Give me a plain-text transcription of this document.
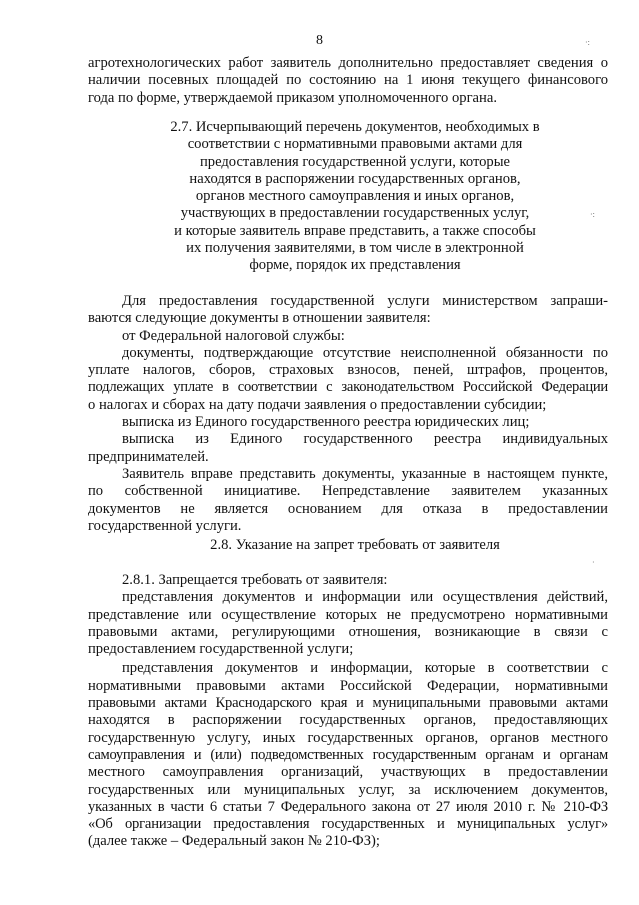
8	·:
·:
·
агротехнологических работ заявитель дополнительно предоставляет сведения о
наличии посевных площадей по состоянию на 1 июня текущего финансового
года по форме, утверждаемой приказом уполномоченного органа.
2.7. Исчерпывающий перечень документов, необходимых в
соответствии с нормативными правовыми актами для
предоставления государственной услуги, которые
находятся в распоряжении государственных органов,
органов местного самоуправления и иных органов,
участвующих в предоставлении государственных услуг,
и которые заявитель вправе представить, а также способы
их получения заявителями, в том числе в электронной
форме, порядок их представления
Для предоставления государственной услуги министерством запраши-
ваются следующие документы в отношении заявителя:
от Федеральной налоговой службы:
документы, подтверждающие отсутствие неисполненной обязанности по
уплате налогов, сборов, страховых взносов, пеней, штрафов, процентов,
подлежащих уплате в соответствии с законодательством Российской Федерации
о налогах и сборах на дату подачи заявления о предоставлении субсидии;
выписка из Единого государственного реестра юридических лиц;
выписка из Единого государственного реестра индивидуальных
предпринимателей.
Заявитель вправе представить документы, указанные в настоящем пункте,
по собственной инициативе. Непредставление заявителем указанных
документов не является основанием для отказа в предоставлении
государственной услуги.
2.8. Указание на запрет требовать от заявителя
2.8.1. Запрещается требовать от заявителя:
представления документов и информации или осуществления действий,
представление или осуществление которых не предусмотрено нормативными
правовыми актами, регулирующими отношения, возникающие в связи с
предоставлением государственной услуги;
представления документов и информации, которые в соответствии с
нормативными правовыми актами Российской Федерации, нормативными
правовыми актами Краснодарского края и муниципальными правовыми актами
находятся в распоряжении государственных органов, предоставляющих
государственную услугу, иных государственных органов, органов местного
самоуправления и (или) подведомственных государственным органам и органам
местного самоуправления организаций, участвующих в предоставлении
государственных или муниципальных услуг, за исключением документов,
указанных в части 6 статьи 7 Федерального закона от 27 июля 2010 г. № 210-ФЗ
«Об организации предоставления государственных и муниципальных услуг»
(далее также – Федеральный закон № 210-ФЗ);
